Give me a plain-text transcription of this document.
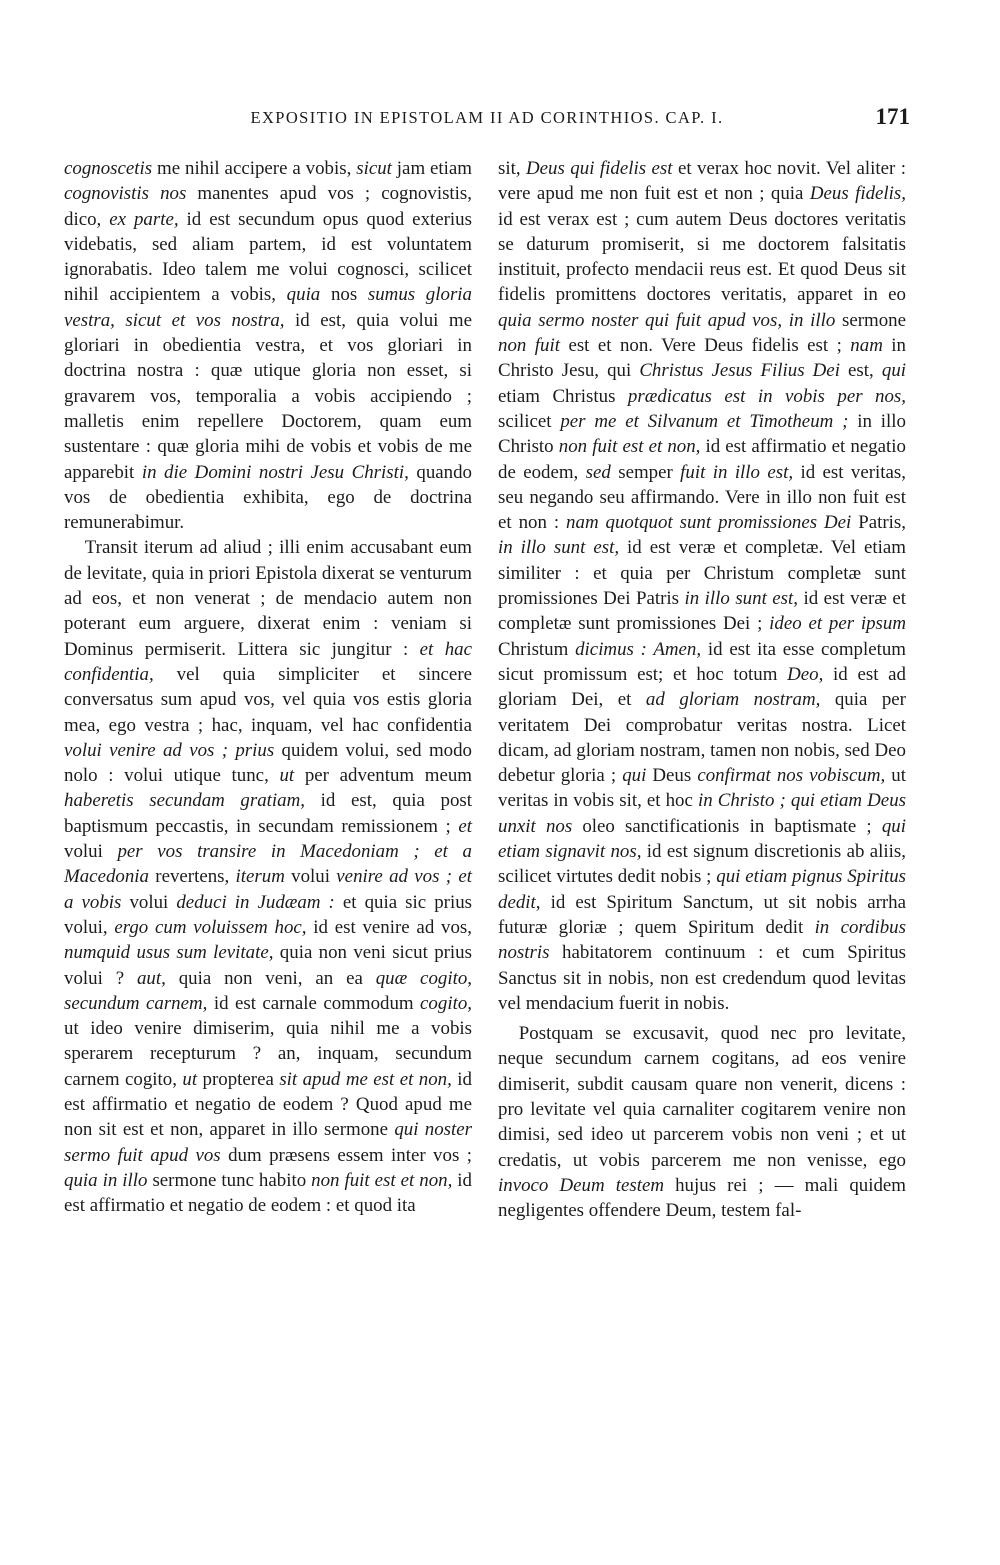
EXPOSITIO IN EPISTOLAM II AD CORINTHIOS. CAP. I.	171

cognoscetis me nihil accipere a vobis, sicut jam etiam cognovistis nos manentes apud vos ; cognovistis, dico, ex parte, id est secundum opus quod exterius videbatis, sed aliam partem, id est voluntatem ignorabatis. Ideo talem me volui cognosci, scilicet nihil accipientem a vobis, quia nos sumus gloria vestra, sicut et vos nostra, id est, quia volui me gloriari in obedientia vestra, et vos gloriari in doctrina nostra : quæ utique gloria non esset, si gravarem vos, temporalia a vobis accipiendo ; malletis enim repellere Doctorem, quam eum sustentare : quæ gloria mihi de vobis et vobis de me apparebit in die Domini nostri Jesu Christi, quando vos de obedientia exhibita, ego de doctrina remunerabimur.

Transit iterum ad aliud ; illi enim accusabant eum de levitate, quia in priori Epistola dixerat se venturum ad eos, et non venerat ; de mendacio autem non poterant eum arguere, dixerat enim : veniam si Dominus permiserit. Littera sic jungitur : et hac confidentia, vel quia simpliciter et sincere conversatus sum apud vos, vel quia vos estis gloria mea, ego vestra ; hac, inquam, vel hac confidentia volui venire ad vos ; prius quidem volui, sed modo nolo : volui utique tunc, ut per adventum meum haberetis secundam gratiam, id est, quia post baptismum peccastis, in secundam remissionem ; et volui per vos transire in Macedoniam ; et a Macedonia revertens, iterum volui venire ad vos ; et a vobis volui deduci in Judæam : et quia sic prius volui, ergo cum voluissem hoc, id est venire ad vos, numquid usus sum levitate, quia non veni sicut prius volui ? aut, quia non veni, an ea quæ cogito, secundum carnem, id est carnale commodum cogito, ut ideo venire dimiserim, quia nihil me a vobis sperarem recepturum ? an, inquam, secundum carnem cogito, ut propterea sit apud me est et non, id est affirmatio et negatio de eodem ? Quod apud me non sit est et non, apparet in illo sermone qui noster sermo fuit apud vos dum præsens essem inter vos ; quia in illo sermone tunc habito non fuit est et non, id est affirmatio et negatio de eodem : et quod ita

sit, Deus qui fidelis est et verax hoc novit. Vel aliter : vere apud me non fuit est et non ; quia Deus fidelis, id est verax est ; cum autem Deus doctores veritatis se daturum promiserit, si me doctorem falsitatis instituit, profecto mendacii reus est. Et quod Deus sit fidelis promittens doctores veritatis, apparet in eo quia sermo noster qui fuit apud vos, in illo sermone non fuit est et non. Vere Deus fidelis est ; nam in Christo Jesu, qui Christus Jesus Filius Dei est, qui etiam Christus prædicatus est in vobis per nos, scilicet per me et Silvanum et Timotheum ; in illo Christo non fuit est et non, id est affirmatio et negatio de eodem, sed semper fuit in illo est, id est veritas, seu negando seu affirmando. Vere in illo non fuit est et non : nam quotquot sunt promissiones Dei Patris, in illo sunt est, id est veræ et completæ. Vel etiam similiter : et quia per Christum completæ sunt promissiones Dei Patris in illo sunt est, id est veræ et completæ sunt promissiones Dei ; ideo et per ipsum Christum dicimus : Amen, id est ita esse completum sicut promissum est; et hoc totum Deo, id est ad gloriam Dei, et ad gloriam nostram, quia per veritatem Dei comprobatur veritas nostra. Licet dicam, ad gloriam nostram, tamen non nobis, sed Deo debetur gloria ; qui Deus confirmat nos vobiscum, ut veritas in vobis sit, et hoc in Christo ; qui etiam Deus unxit nos oleo sanctificationis in baptismate ; qui etiam signavit nos, id est signum discretionis ab aliis, scilicet virtutes dedit nobis ; qui etiam pignus Spiritus dedit, id est Spiritum Sanctum, ut sit nobis arrha futuræ gloriæ ; quem Spiritum dedit in cordibus nostris habitatorem continuum : et cum Spiritus Sanctus sit in nobis, non est credendum quod levitas vel mendacium fuerit in nobis.

Postquam se excusavit, quod nec pro levitate, neque secundum carnem cogitans, ad eos venire dimiserit, subdit causam quare non venerit, dicens : pro levitate vel quia carnaliter cogitarem venire non dimisi, sed ideo ut parcerem vobis non veni ; et ut credatis, ut vobis parcerem me non venisse, ego invoco Deum testem hujus rei ; — mali quidem negligentes offendere Deum, testem fal-
